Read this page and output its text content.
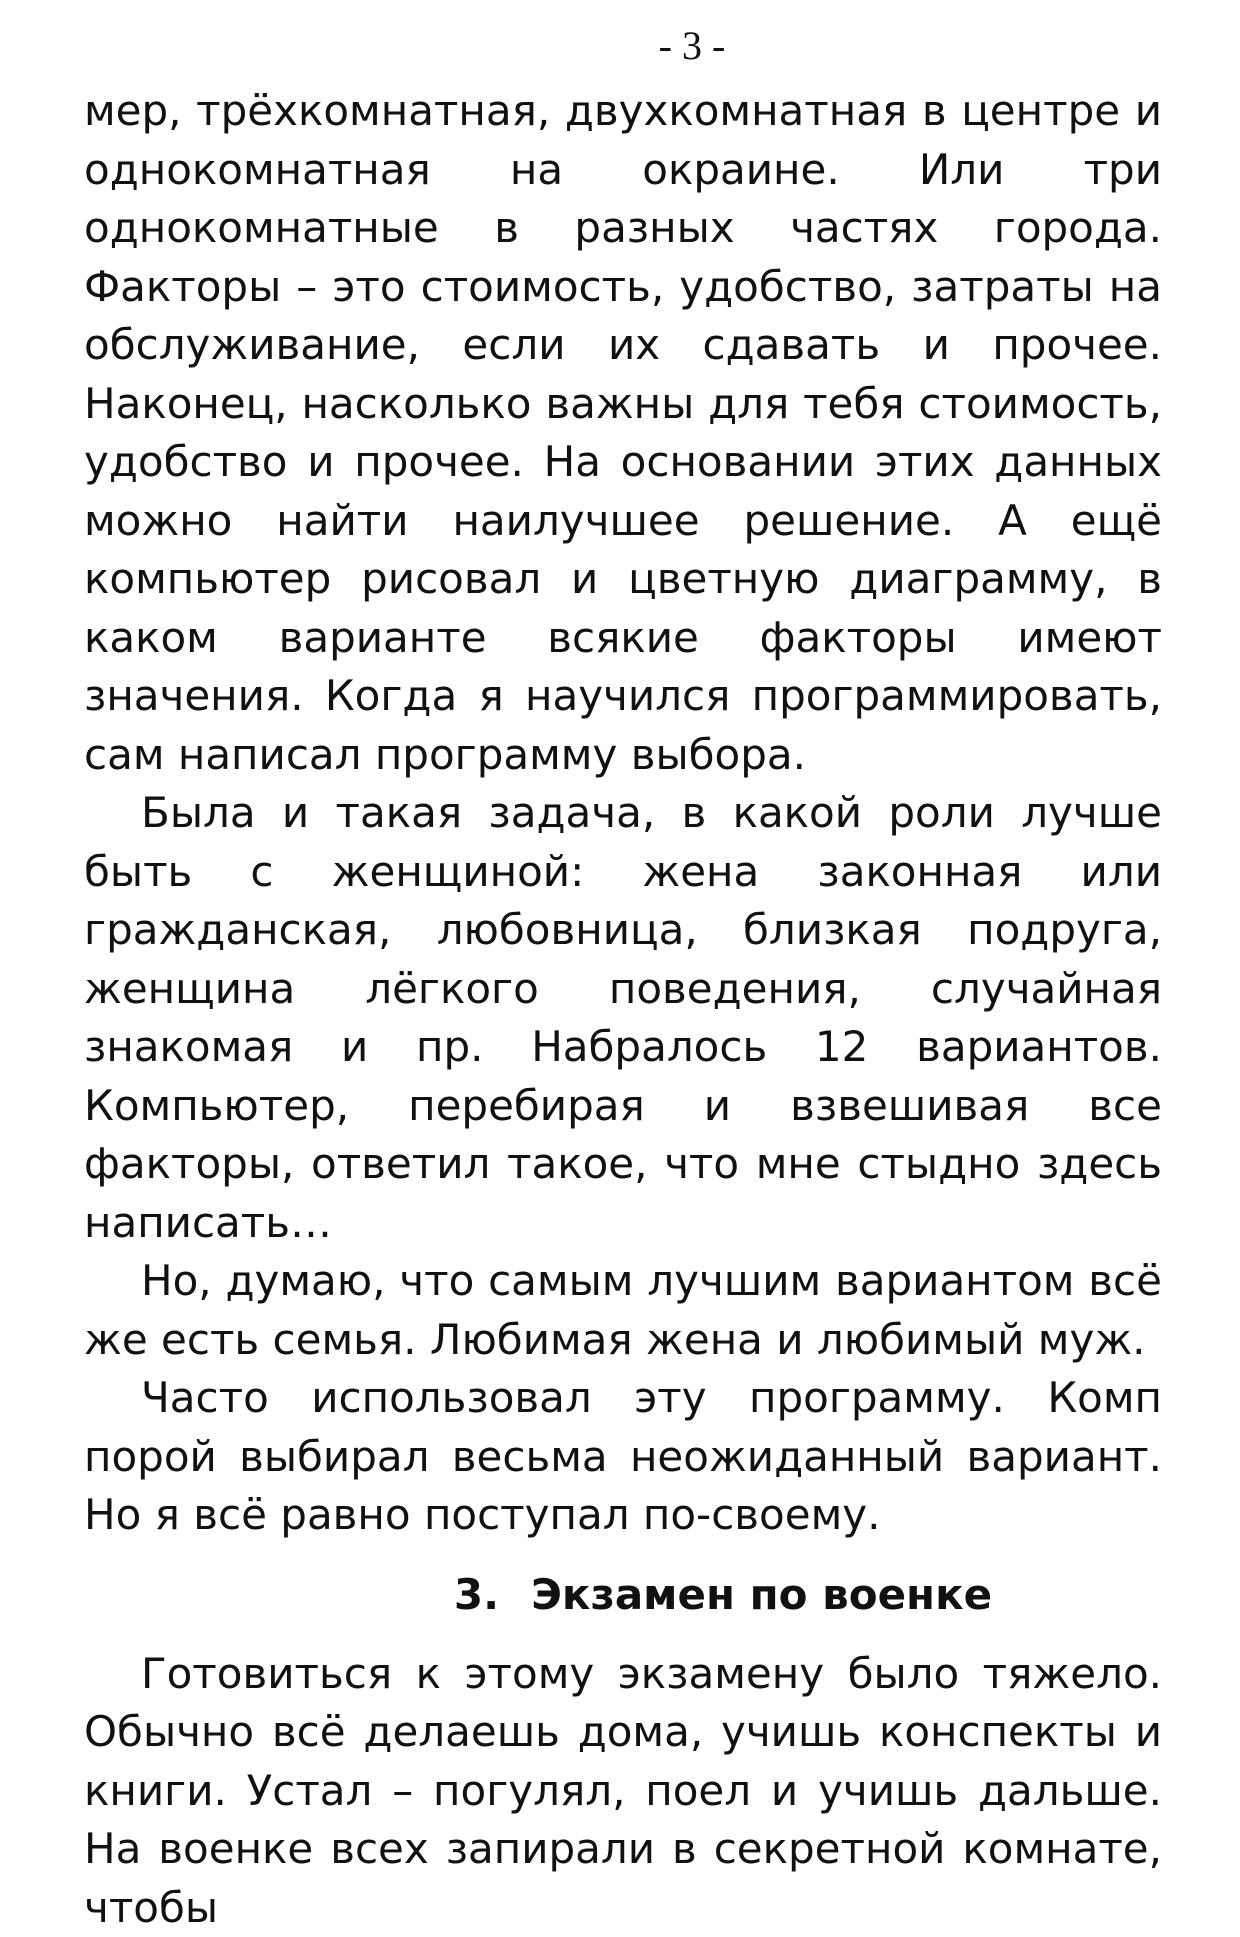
- 3 -

мер, трёхкомнатная, двухкомнатная в центре и однокомнатная на окраине. Или три однокомнатные в разных частях города. Факторы – это стоимость, удобство, затраты на обслуживание, если их сдавать и прочее. Наконец, насколько важны для тебя стоимость, удобство и прочее. На основании этих данных можно найти наилучшее решение. А ещё компьютер рисовал и цветную диаграмму, в каком варианте всякие факторы имеют значения. Когда я научился программировать, сам написал программу выбора.

Была и такая задача, в какой роли лучше быть с женщиной: жена законная или гражданская, любовница, близкая подруга, женщина лёгкого поведения, случайная знакомая и пр. Набралось 12 вариантов. Компьютер, перебирая и взвешивая все факторы, ответил такое, что мне стыдно здесь написать…

Но, думаю, что самым лучшим вариантом всё же есть семья. Любимая жена и любимый муж.

Часто использовал эту программу. Комп порой выбирал весьма неожиданный вариант. Но я всё равно поступал по-своему.

3. Экзамен по военке

Готовиться к этому экзамену было тяжело. Обычно всё делаешь дома, учишь конспекты и книги. Устал – погулял, поел и учишь дальше. На военке всех запирали в секретной комнате, чтобы
